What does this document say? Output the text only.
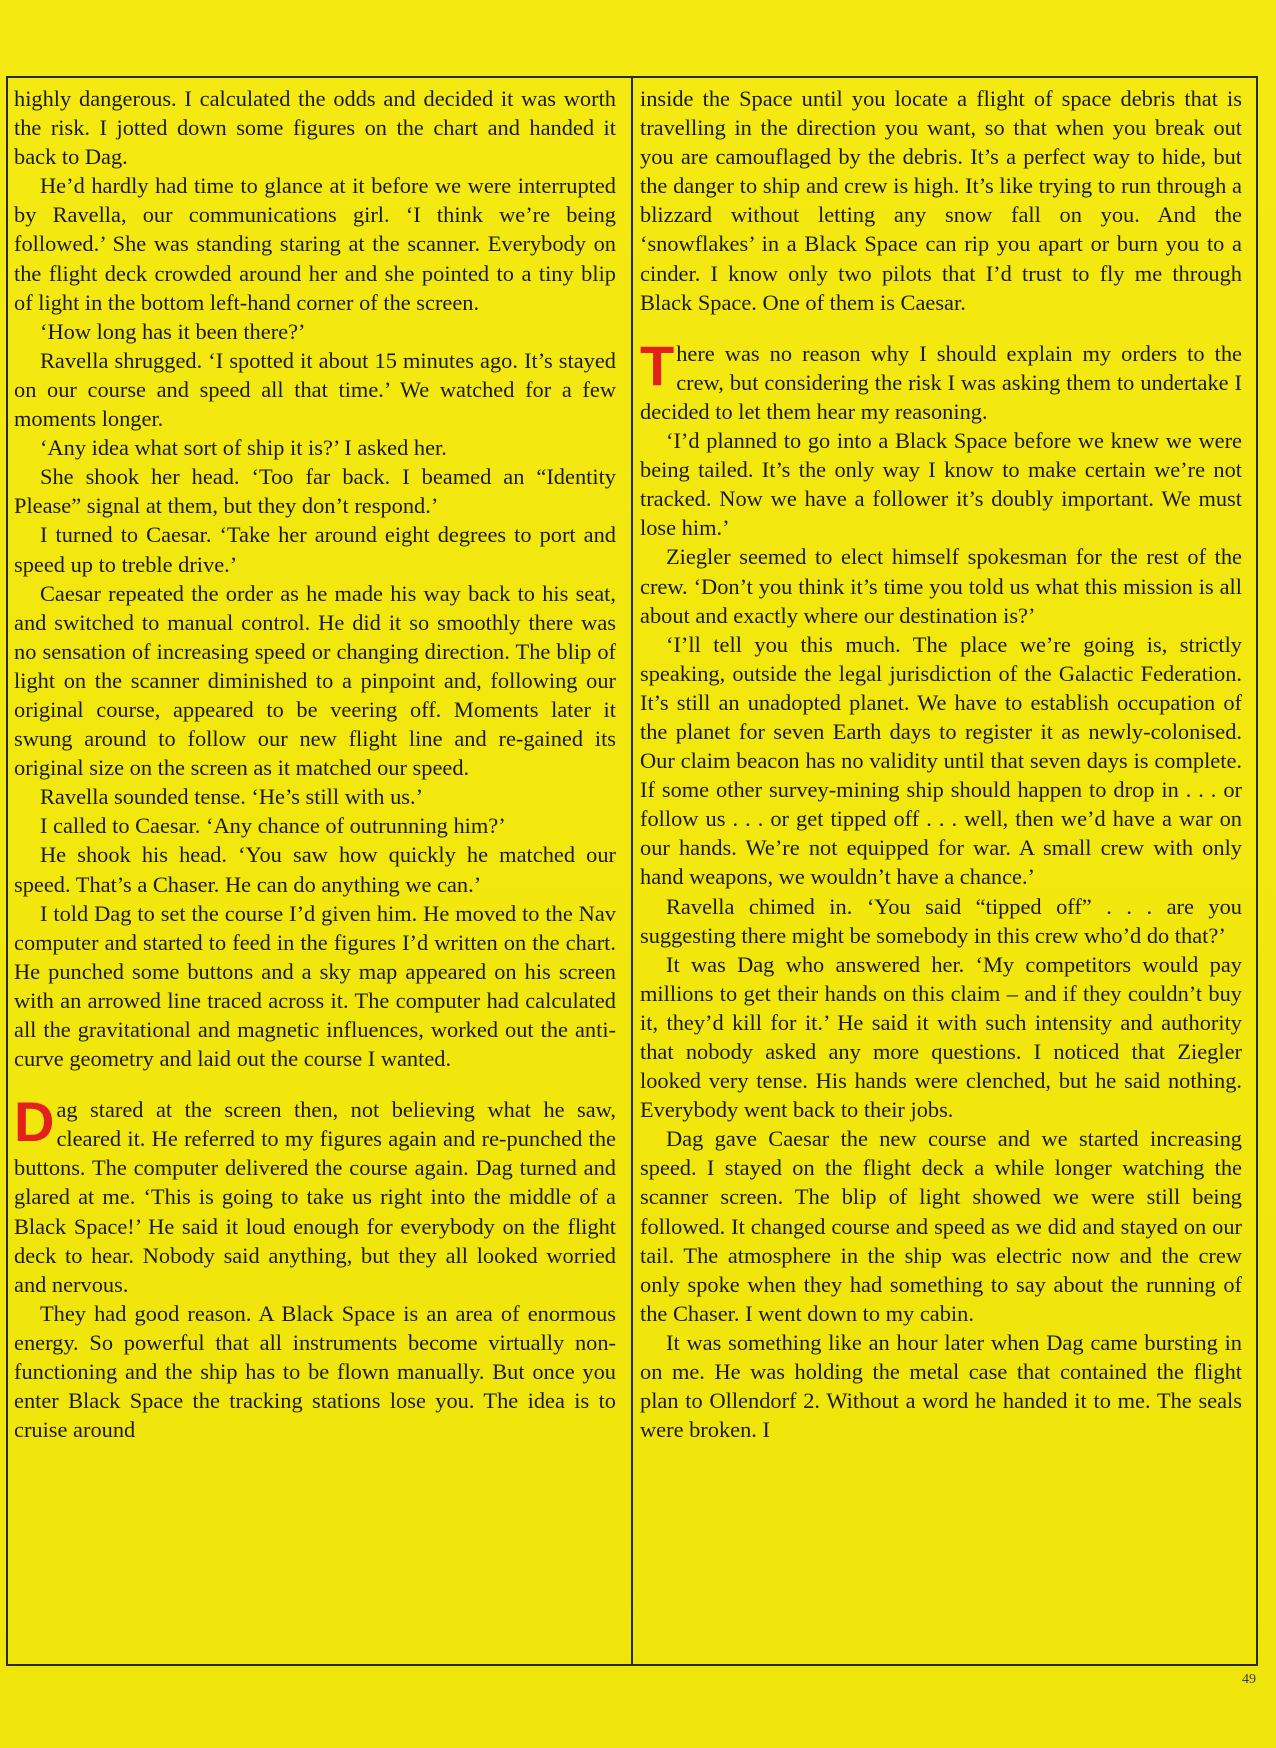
highly dangerous. I calculated the odds and decided it was worth the risk. I jotted down some figures on the chart and handed it back to Dag.

He’d hardly had time to glance at it before we were interrupted by Ravella, our communications girl. ‘I think we’re being followed.’ She was standing staring at the scanner. Everybody on the flight deck crowded around her and she pointed to a tiny blip of light in the bottom left-hand corner of the screen.

‘How long has it been there?’

Ravella shrugged. ‘I spotted it about 15 minutes ago. It’s stayed on our course and speed all that time.’ We watched for a few moments longer.

‘Any idea what sort of ship it is?’ I asked her.

She shook her head. ‘Too far back. I beamed an “Identity Please” signal at them, but they don’t respond.’

I turned to Caesar. ‘Take her around eight degrees to port and speed up to treble drive.’

Caesar repeated the order as he made his way back to his seat, and switched to manual control. He did it so smoothly there was no sensation of increasing speed or changing direction. The blip of light on the scanner diminished to a pinpoint and, following our original course, appeared to be veering off. Moments later it swung around to follow our new flight line and re-gained its original size on the screen as it matched our speed.

Ravella sounded tense. ‘He’s still with us.’

I called to Caesar. ‘Any chance of outrunning him?’

He shook his head. ‘You saw how quickly he matched our speed. That’s a Chaser. He can do anything we can.’

I told Dag to set the course I’d given him. He moved to the Nav computer and started to feed in the figures I’d written on the chart. He punched some buttons and a sky map appeared on his screen with an arrowed line traced across it. The computer had calculated all the gravitational and magnetic influences, worked out the anti-curve geometry and laid out the course I wanted.

Dag stared at the screen then, not believing what he saw, cleared it. He referred to my figures again and re-punched the buttons. The computer delivered the course again. Dag turned and glared at me. ‘This is going to take us right into the middle of a Black Space!’ He said it loud enough for everybody on the flight deck to hear. Nobody said anything, but they all looked worried and nervous.

They had good reason. A Black Space is an area of enormous energy. So powerful that all instruments become virtually non-functioning and the ship has to be flown manually. But once you enter Black Space the tracking stations lose you. The idea is to cruise around

inside the Space until you locate a flight of space debris that is travelling in the direction you want, so that when you break out you are camouflaged by the debris. It’s a perfect way to hide, but the danger to ship and crew is high. It’s like trying to run through a blizzard without letting any snow fall on you. And the ‘snowflakes’ in a Black Space can rip you apart or burn you to a cinder. I know only two pilots that I’d trust to fly me through Black Space. One of them is Caesar.

There was no reason why I should explain my orders to the crew, but considering the risk I was asking them to undertake I decided to let them hear my reasoning.

‘I’d planned to go into a Black Space before we knew we were being tailed. It’s the only way I know to make certain we’re not tracked. Now we have a follower it’s doubly important. We must lose him.’

Ziegler seemed to elect himself spokesman for the rest of the crew. ‘Don’t you think it’s time you told us what this mission is all about and exactly where our destination is?’

‘I’ll tell you this much. The place we’re going is, strictly speaking, outside the legal jurisdiction of the Galactic Federation. It’s still an unadopted planet. We have to establish occupation of the planet for seven Earth days to register it as newly-colonised. Our claim beacon has no validity until that seven days is complete. If some other survey-mining ship should happen to drop in . . . or follow us . . . or get tipped off . . . well, then we’d have a war on our hands. We’re not equipped for war. A small crew with only hand weapons, we wouldn’t have a chance.’

Ravella chimed in. ‘You said “tipped off” . . . are you suggesting there might be somebody in this crew who’d do that?’

It was Dag who answered her. ‘My competitors would pay millions to get their hands on this claim – and if they couldn’t buy it, they’d kill for it.’ He said it with such intensity and authority that nobody asked any more questions. I noticed that Ziegler looked very tense. His hands were clenched, but he said nothing. Everybody went back to their jobs.

Dag gave Caesar the new course and we started increasing speed. I stayed on the flight deck a while longer watching the scanner screen. The blip of light showed we were still being followed. It changed course and speed as we did and stayed on our tail. The atmosphere in the ship was electric now and the crew only spoke when they had something to say about the running of the Chaser. I went down to my cabin.

It was something like an hour later when Dag came bursting in on me. He was holding the metal case that contained the flight plan to Ollendorf 2. Without a word he handed it to me. The seals were broken. I

49
